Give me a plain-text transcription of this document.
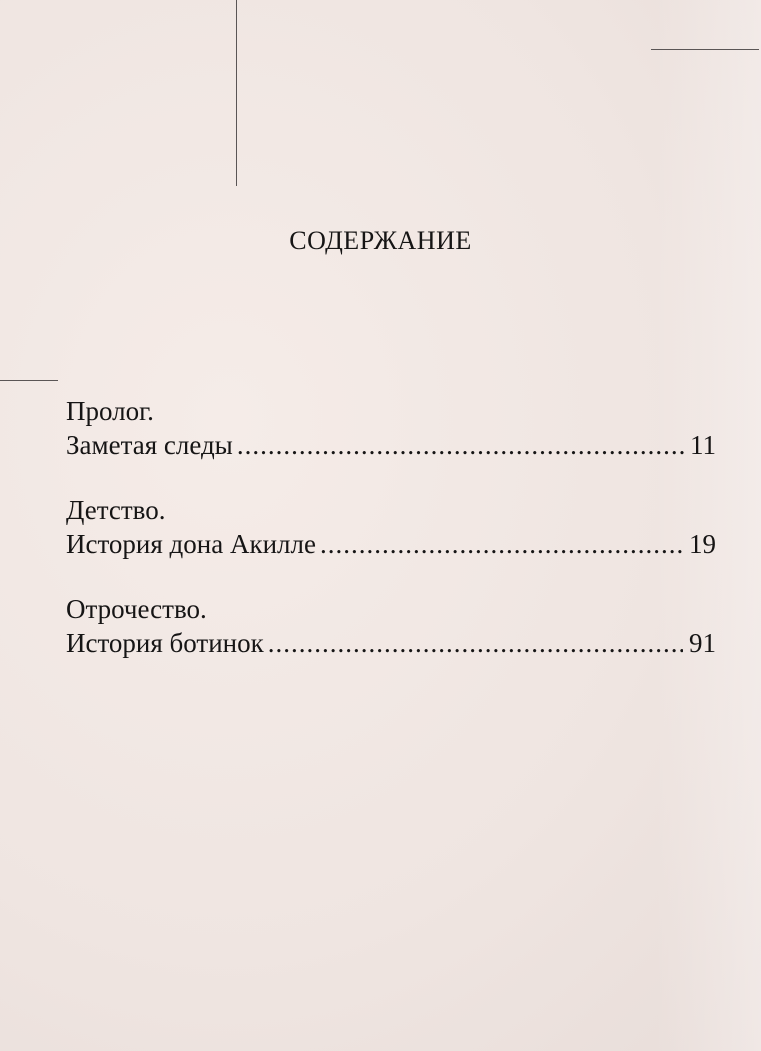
СОДЕРЖАНИЕ
Пролог.
Заметая следы .....	11
Детство.
История дона Акилле .....	19
Отрочество.
История ботинок .....	91
